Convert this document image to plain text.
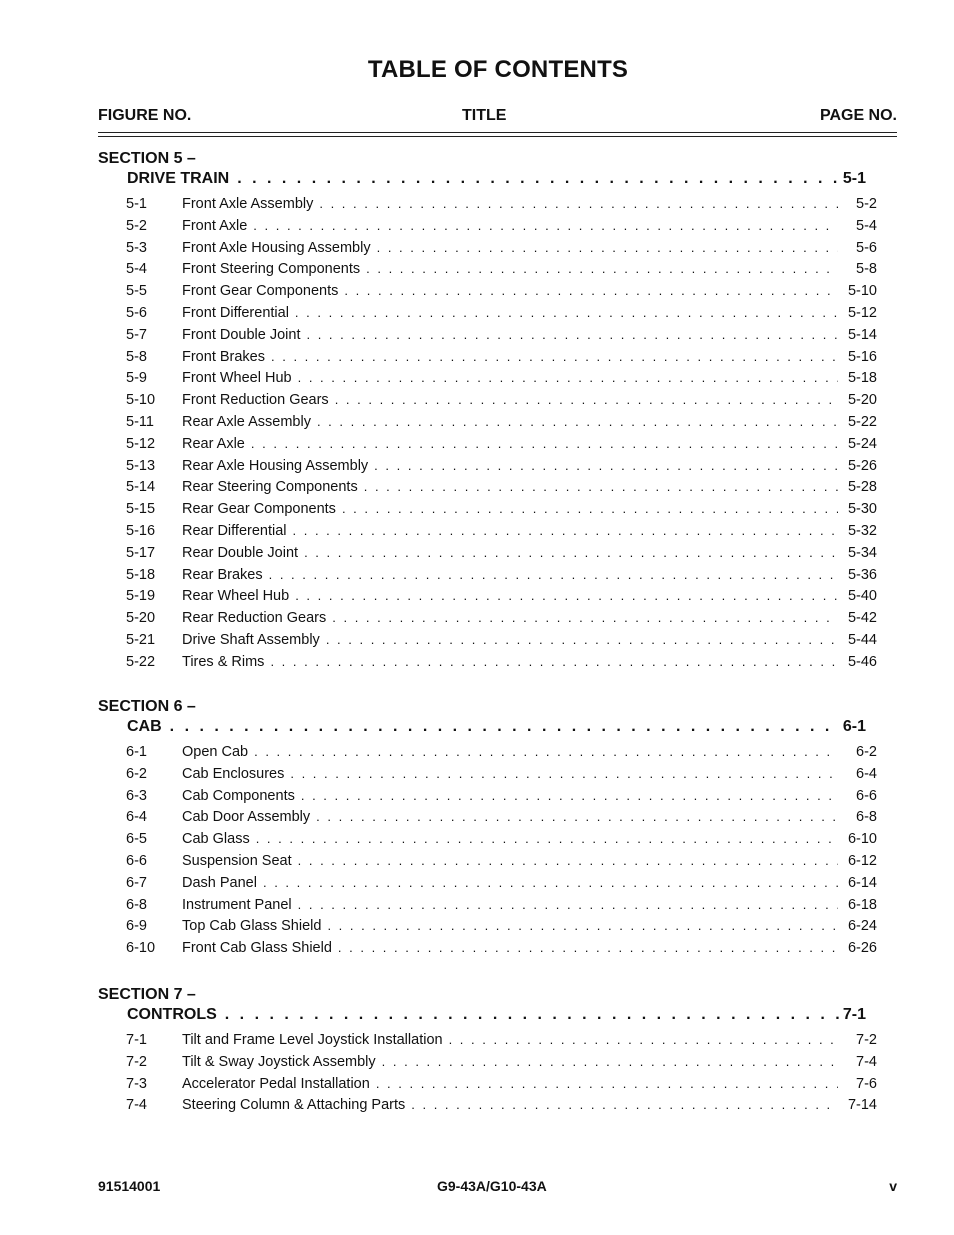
TABLE OF CONTENTS
FIGURE NO.	TITLE	PAGE NO.
SECTION 5 –
DRIVE TRAIN . . .	5-1
5-1	Front Axle Assembly . . .	5-2
5-2	Front Axle . . .	5-4
5-3	Front Axle Housing Assembly . . .	5-6
5-4	Front Steering Components . . .	5-8
5-5	Front Gear Components . . .	5-10
5-6	Front Differential . . .	5-12
5-7	Front Double Joint . . .	5-14
5-8	Front Brakes . . .	5-16
5-9	Front Wheel Hub . . .	5-18
5-10	Front Reduction Gears . . .	5-20
5-11	Rear Axle Assembly . . .	5-22
5-12	Rear Axle . . .	5-24
5-13	Rear Axle Housing Assembly . . .	5-26
5-14	Rear Steering Components . . .	5-28
5-15	Rear Gear Components . . .	5-30
5-16	Rear Differential . . .	5-32
5-17	Rear Double Joint . . .	5-34
5-18	Rear Brakes . . .	5-36
5-19	Rear Wheel Hub . . .	5-40
5-20	Rear Reduction Gears . . .	5-42
5-21	Drive Shaft Assembly . . .	5-44
5-22	Tires & Rims . . .	5-46
SECTION 6 –
CAB . . .	6-1
6-1	Open Cab . . .	6-2
6-2	Cab Enclosures . . .	6-4
6-3	Cab Components . . .	6-6
6-4	Cab Door Assembly . . .	6-8
6-5	Cab Glass . . .	6-10
6-6	Suspension Seat . . .	6-12
6-7	Dash Panel . . .	6-14
6-8	Instrument Panel . . .	6-18
6-9	Top Cab Glass Shield . . .	6-24
6-10	Front Cab Glass Shield . . .	6-26
SECTION 7 –
CONTROLS . . .	7-1
7-1	Tilt and Frame Level Joystick Installation . . .	7-2
7-2	Tilt & Sway Joystick Assembly . . .	7-4
7-3	Accelerator Pedal Installation . . .	7-6
7-4	Steering Column & Attaching Parts . . .	7-14
91514001	G9-43A/G10-43A	v
